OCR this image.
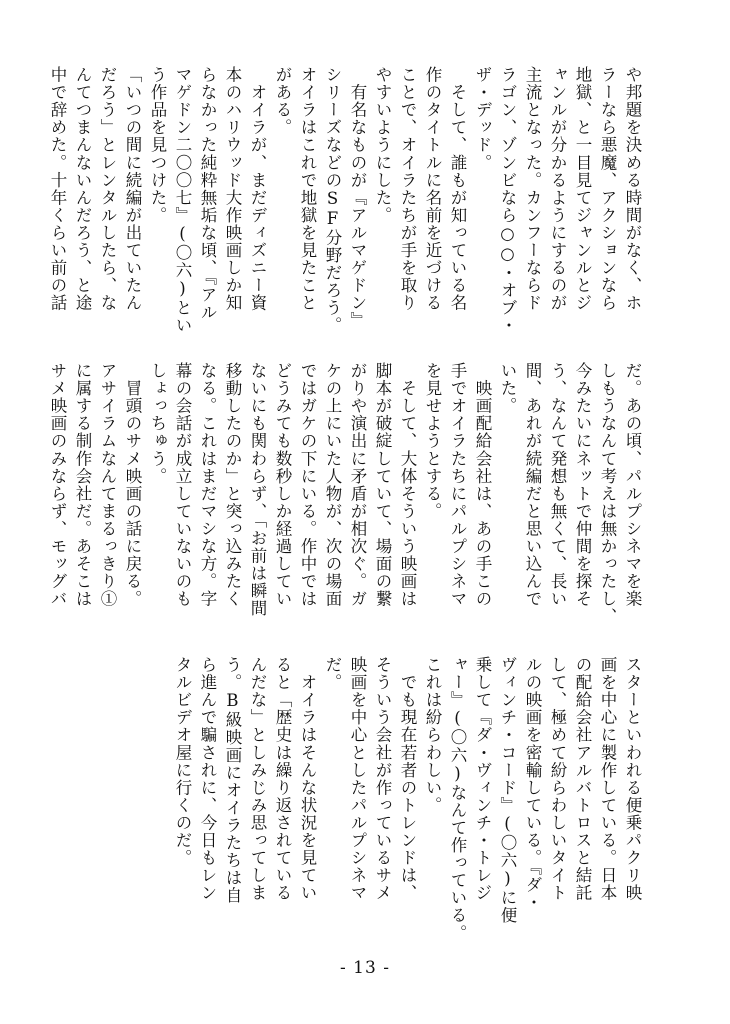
や邦題を決める時間がなく、ホ
ラーなら悪魔、アクションなら
地獄、と一目見てジャンルとジ
ャンルが分かるようにするのが
主流となった。カンフーならド
ラゴン、ゾンビなら○○・オブ・
ザ・デッド。
　そして、誰もが知っている名
作のタイトルに名前を近づける
ことで、オイラたちが手を取り
やすいようにした。
　有名なものが『アルマゲドン』
シリーズなどのSF分野だろう。
オイラはこれで地獄を見たこと
がある。
　オイラが、まだディズニー資
本のハリウッド大作映画しか知
らなかった純粋無垢な頃、『アル
マゲドン二〇〇七』(〇六)とい
う作品を見つけた。
「いつの間に続編が出ていたん
だろう」とレンタルしたら、な
んてつまんないんだろう、と途
中で辞めた。十年くらい前の話
だ。あの頃、パルプシネマを楽
しもうなんて考えは無かったし、
今みたいにネットで仲間を探そ
う、なんて発想も無くて、長い
間、あれが続編だと思い込んで
いた。
　映画配給会社は、あの手この
手でオイラたちにパルプシネマ
を見せようとする。
　そして、大体そういう映画は
脚本が破綻していて、場面の繋
がりや演出に矛盾が相次ぐ。ガ
ケの上にいた人物が、次の場面
ではガケの下にいる。作中では
どうみても数秒しか経過してい
ないにも関わらず、「お前は瞬間
移動したのか」と突っ込みたく
なる。これはまだマシな方。字
幕の会話が成立していないのも
しょっちゅう。
　冒頭のサメ映画の話に戻る。
アサイラムなんてまるっきり①
に属する制作会社だ。あそこは
サメ映画のみならず、モッグバ
スターといわれる便乗パクリ映
画を中心に製作している。日本
の配給会社アルバトロスと結託
して、極めて紛らわしいタイト
ルの映画を密輸している。『ダ・
ヴィンチ・コード』(〇六)に便
乗して『ダ・ヴィンチ・トレジ
ャー』(〇六)なんて作っている。
これは紛らわしい。
　でも現在若者のトレンドは、
そういう会社が作っているサメ
映画を中心としたパルプシネマ
だ。
　オイラはそんな状況を見てい
ると「歴史は繰り返されている
んだな」としみじみ思ってしま
う。B級映画にオイラたちは自
ら進んで騙されに、今日もレン
タルビデオ屋に行くのだ。
- 13 -
